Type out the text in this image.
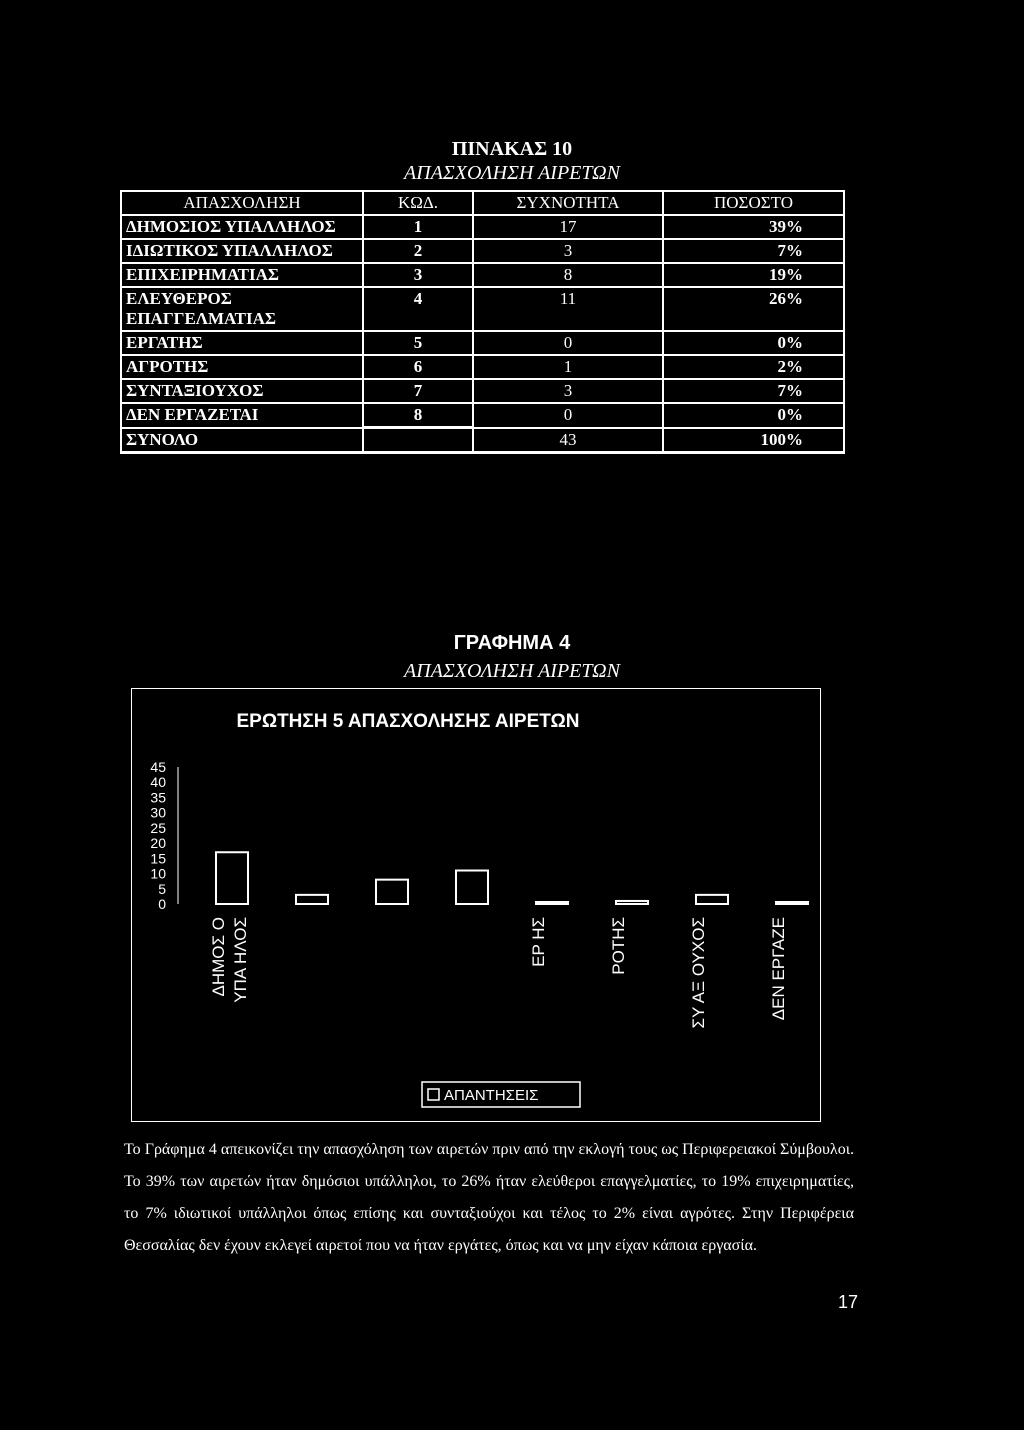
ΠΙΝΑΚΑΣ 10
ΑΠΑΣΧΟΛΗΣΗ ΑΙΡΕΤΩΝ
ΑΠΑΣΧΟΛΗΣΗ	ΚΩΔ.	ΣΥΧΝΟΤΗΤΑ	ΠΟΣΟΣΤΟ
ΔΗΜΟΣΙΟΣ ΥΠΑΛΛΗΛΟΣ	1	17	39%
ΙΔΙΩΤΙΚΟΣ ΥΠΑΛΛΗΛΟΣ	2	3	7%
ΕΠΙΧΕΙΡΗΜΑΤΙΑΣ	3	8	19%
ΕΛΕΥΘΕΡΟΣ ΕΠΑΓΓΕΛΜΑΤΙΑΣ	4	11	26%
ΕΡΓΑΤΗΣ	5	0	0%
ΑΓΡΟΤΗΣ	6	1	2%
ΣΥΝΤΑΞΙΟΥΧΟΣ	7	3	7%
ΔΕΝ ΕΡΓΑΖΕΤΑΙ	8	0	0%
ΣΥΝΟΛΟ		43	100%
ΓΡΑΦΗΜΑ 4
ΑΠΑΣΧΟΛΗΣΗ ΑΙΡΕΤΩΝ
ΕΡΩΤΗΣΗ 5 ΑΠΑΣΧΟΛΗΣΗΣ ΑΙΡΕΤΩΝ
45
40
35
30
25
20
15
10
5
0
ΔΗΜΟΣ Ο ΥΠΑ ΗΛΟΣ	ΕΡ ΗΣ	ΡΟΤΗΣ	ΣΥ ΑΞ ΟΥΧΟΣ	ΔΕΝ ΕΡΓΑΖΕ
ΑΠΑΝΤΗΣΕΙΣ
Το Γράφημα 4 απεικονίζει την απασχόληση των αιρετών πριν από την εκλογή τους ως Περιφερειακοί Σύμβουλοι. Το 39% των αιρετών ήταν δημόσιοι υπάλληλοι, το 26% ήταν ελεύθεροι επαγγελματίες, το 19% επιχειρηματίες, το 7% ιδιωτικοί υπάλληλοι όπως επίσης και συνταξιούχοι και τέλος το 2% είναι αγρότες. Στην Περιφέρεια Θεσσαλίας δεν έχουν εκλεγεί αιρετοί που να ήταν εργάτες, όπως και να μην είχαν κάποια εργασία.
17
